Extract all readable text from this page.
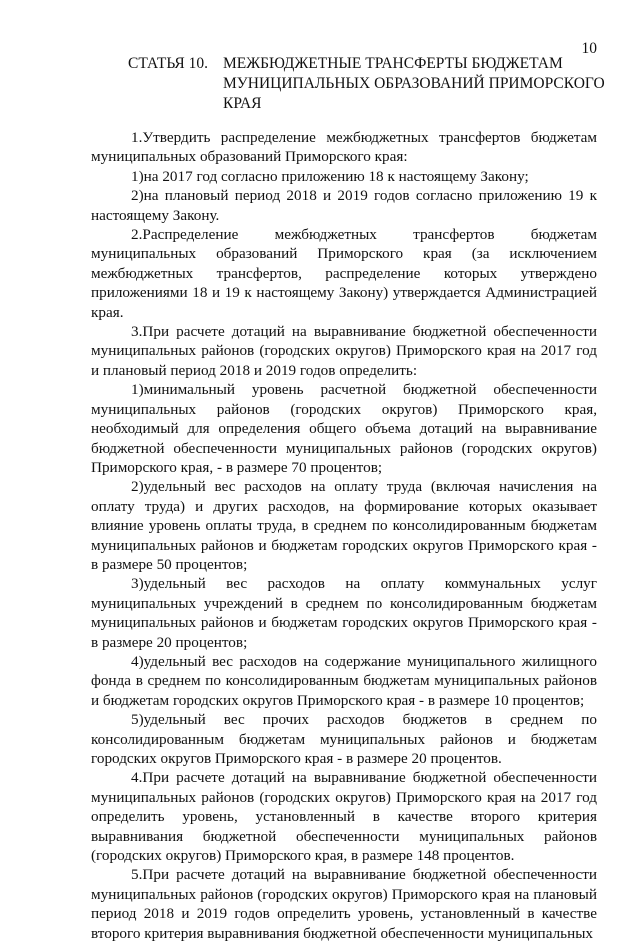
10
СТАТЬЯ 10. МЕЖБЮДЖЕТНЫЕ ТРАНСФЕРТЫ БЮДЖЕТАМ
МУНИЦИПАЛЬНЫХ ОБРАЗОВАНИЙ ПРИМОРСКОГО
КРАЯ

1.Утвердить распределение межбюджетных трансфертов бюджетам муниципальных образований Приморского края:

1)на 2017 год согласно приложению 18 к настоящему Закону;

2)на плановый период 2018 и 2019 годов согласно приложению 19 к настоящему Закону.

2.Распределение межбюджетных трансфертов бюджетам муниципальных образований Приморского края (за исключением межбюджетных трансфертов, распределение которых утверждено приложениями 18 и 19 к настоящему Закону) утверждается Администрацией края.

3.При расчете дотаций на выравнивание бюджетной обеспеченности муниципальных районов (городских округов) Приморского края на 2017 год и плановый период 2018 и 2019 годов определить:

1)минимальный уровень расчетной бюджетной обеспеченности муниципальных районов (городских округов) Приморского края, необходимый для определения общего объема дотаций на выравнивание бюджетной обеспеченности муниципальных районов (городских округов) Приморского края, - в размере 70 процентов;

2)удельный вес расходов на оплату труда (включая начисления на оплату труда) и других расходов, на формирование которых оказывает влияние уровень оплаты труда, в среднем по консолидированным бюджетам муниципальных районов и бюджетам городских округов Приморского края - в размере 50 процентов;

3)удельный вес расходов на оплату коммунальных услуг муниципальных учреждений в среднем по консолидированным бюджетам муниципальных районов и бюджетам городских округов Приморского края - в размере 20 процентов;

4)удельный вес расходов на содержание муниципального жилищного фонда в среднем по консолидированным бюджетам муниципальных районов и бюджетам городских округов Приморского края - в размере 10 процентов;

5)удельный вес прочих расходов бюджетов в среднем по консолидированным бюджетам муниципальных районов и бюджетам городских округов Приморского края - в размере 20 процентов.

4.При расчете дотаций на выравнивание бюджетной обеспеченности муниципальных районов (городских округов) Приморского края на 2017 год определить уровень, установленный в качестве второго критерия выравнивания бюджетной обеспеченности муниципальных районов (городских округов) Приморского края, в размере 148 процентов.

5.При расчете дотаций на выравнивание бюджетной обеспеченности муниципальных районов (городских округов) Приморского края на плановый период 2018 и 2019 годов определить уровень, установленный в качестве второго критерия выравнивания бюджетной обеспеченности муниципальных
